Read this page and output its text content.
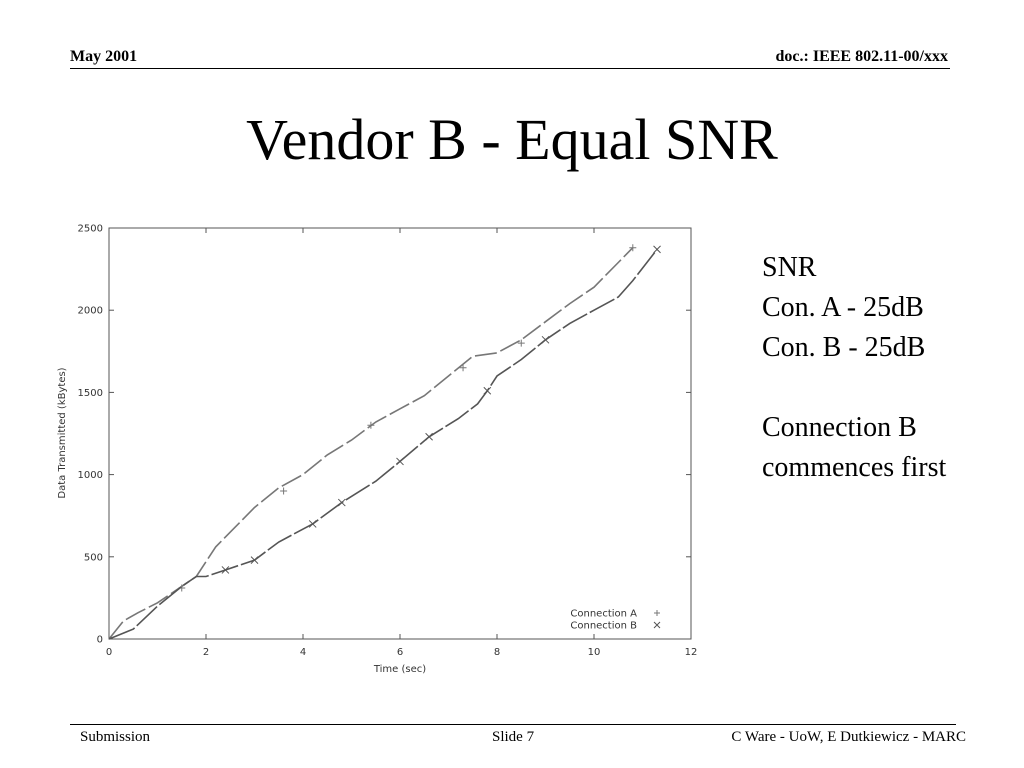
May 2001	doc.: IEEE 802.11-00/xxx
Vendor B - Equal SNR
0	2	4	6	8	10	12
0
500
1000
1500
2000
2500
Connection A
Connection B
Time (sec)
Data Transmitted (kBytes)
SNR
Con. A - 25dB
Con. B - 25dB

Connection B
commences first
Submission	Slide 7	C Ware - UoW, E Dutkiewicz - MARC
